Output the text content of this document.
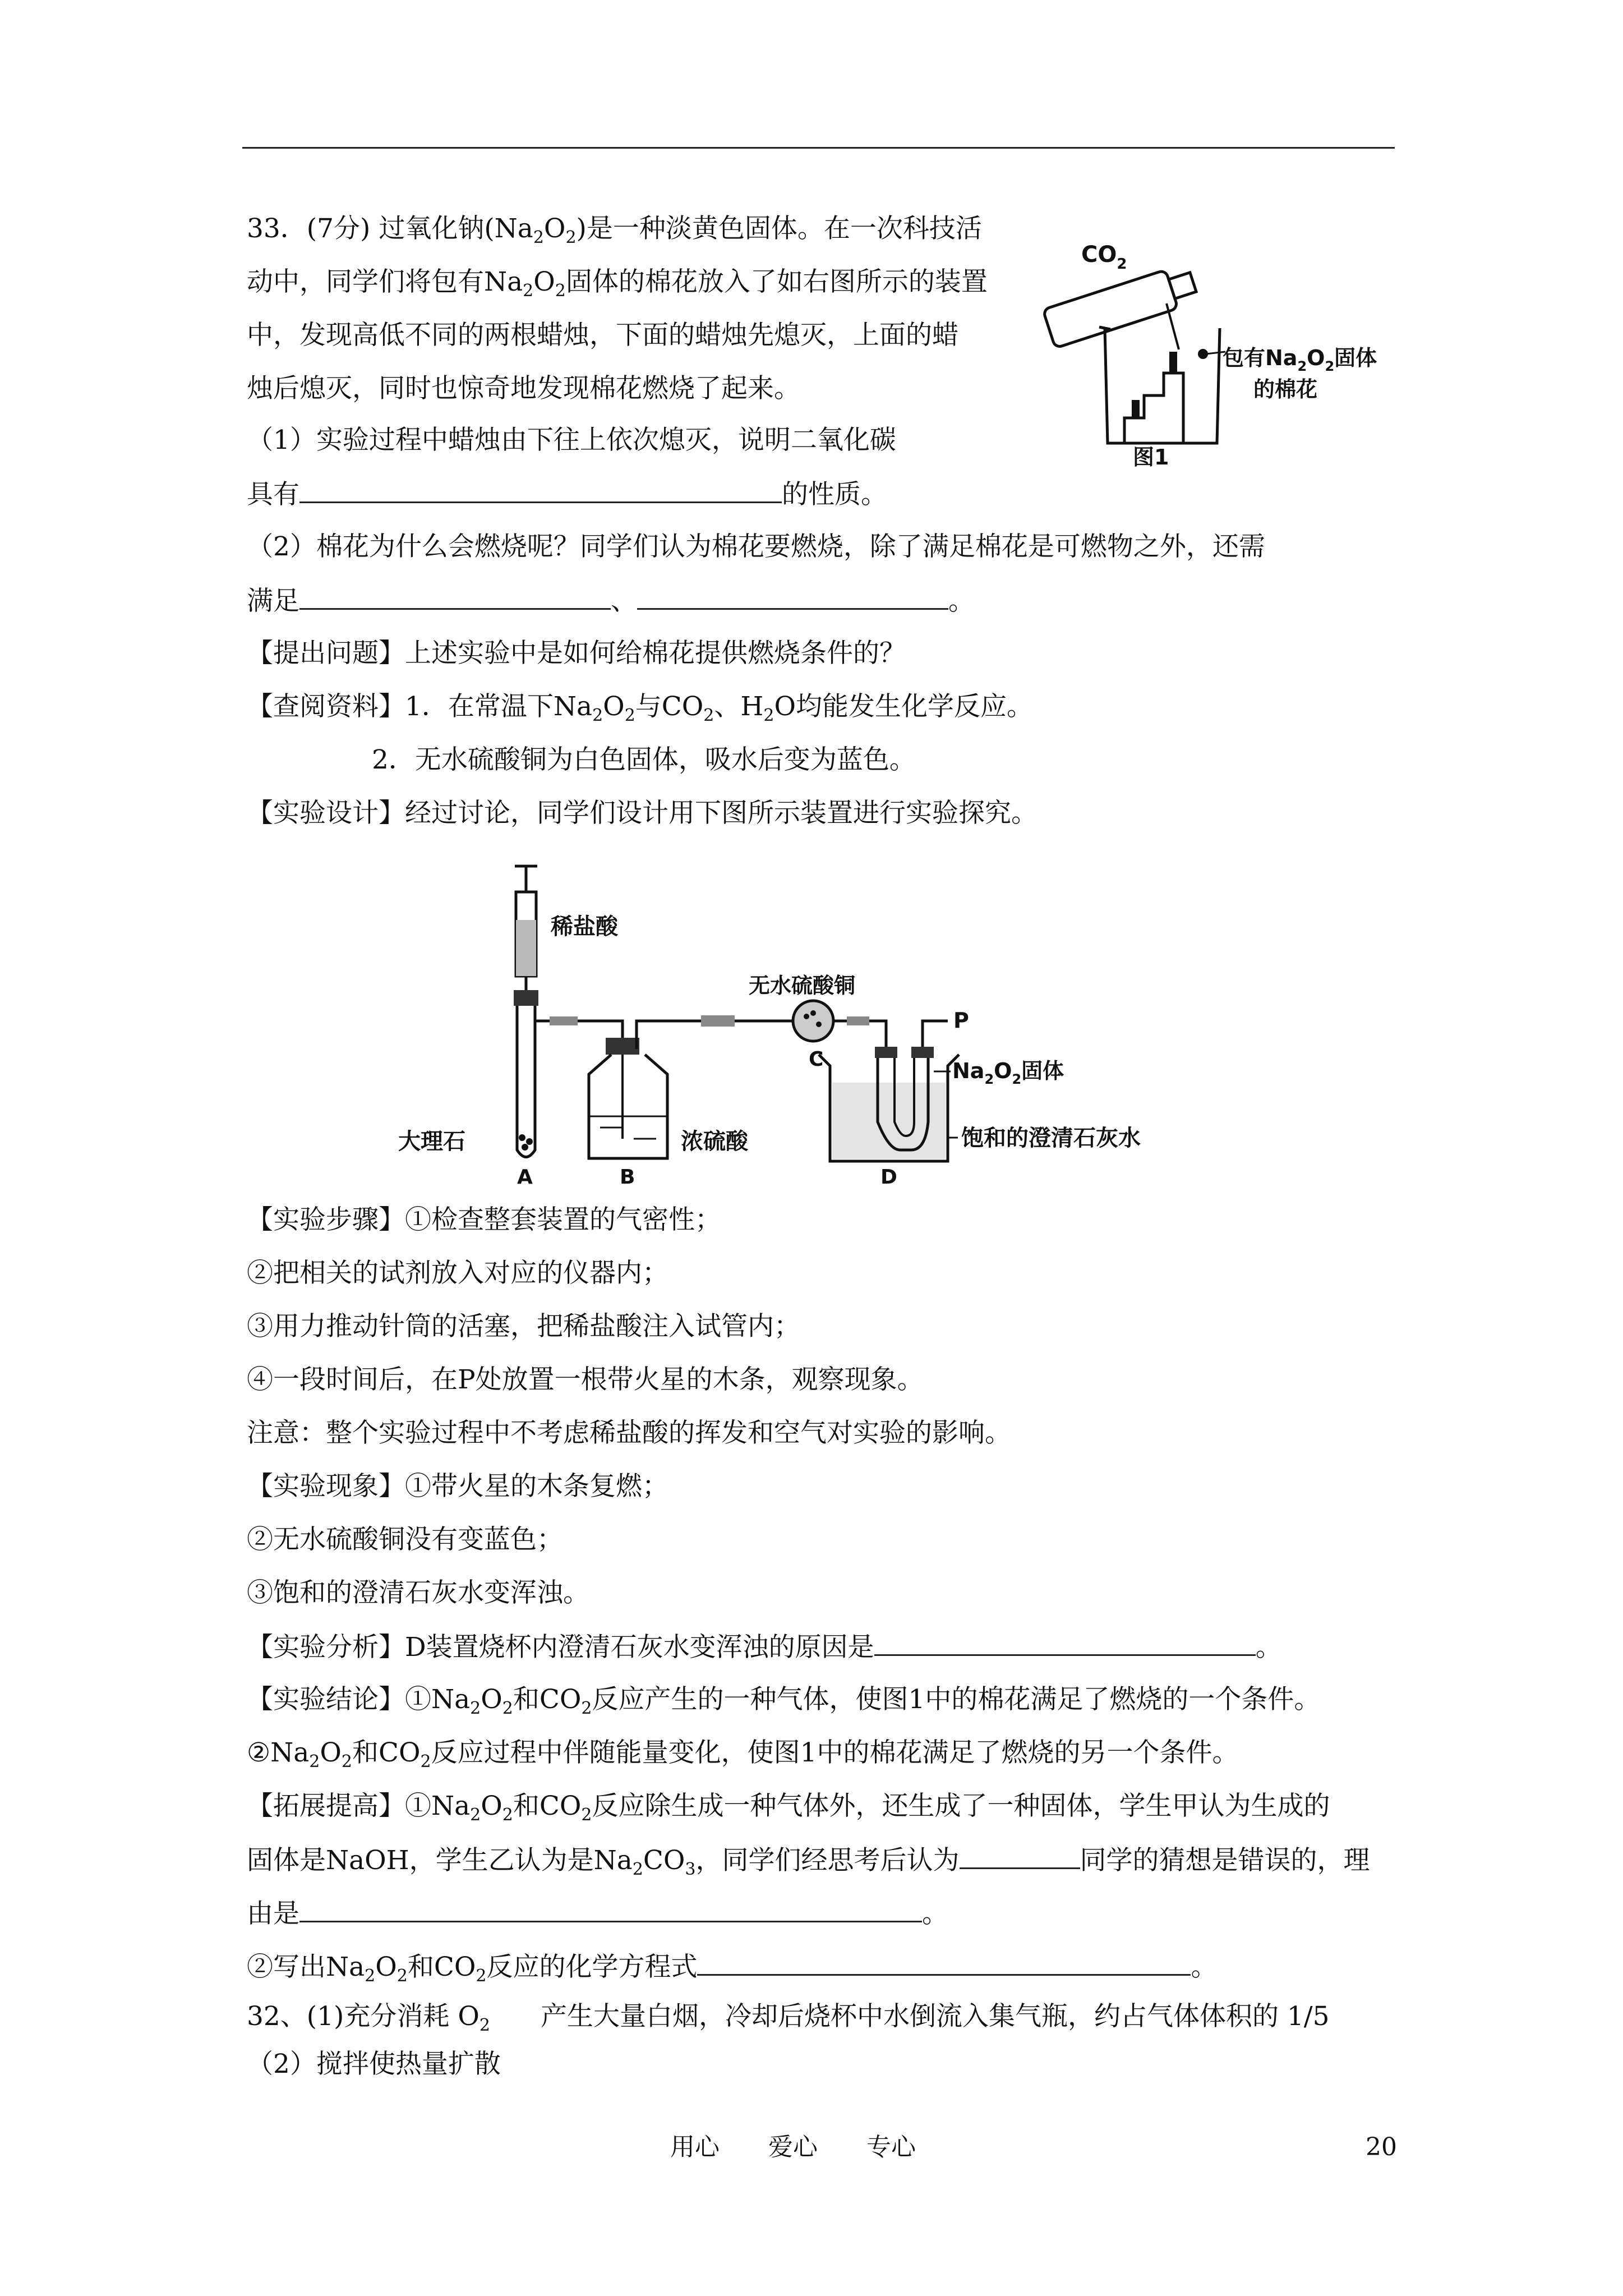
33．(7分) 过氧化钠$(Na_2O_2)$是一种淡黄色固体。在一次科技活
动中，同学们将包有$Na_2O_2$固体的棉花放入了如右图所示的装置
中，发现高低不同的两根蜡烛，下面的蜡烛先熄灭，上面的蜡
烛后熄灭，同时也惊奇地发现棉花燃烧了起来。
$CO_2$
包有$Na_2O_2$固体
的棉花
图1
（1）实验过程中蜡烛由下往上依次熄灭，说明二氧化碳
具有	的性质。
（2）棉花为什么会燃烧呢？同学们认为棉花要燃烧，除了满足棉花是可燃物之外，还需
满足	、	。
【提出问题】上述实验中是如何给棉花提供燃烧条件的？
【查阅资料】1．在常温下$Na_2O_2$与$CO_2$、$H_2O$均能发生化学反应。
2．无水硫酸铜为白色固体，吸水后变为蓝色。
【实验设计】经过讨论，同学们设计用下图所示装置进行实验探究。
稀盐酸
大理石
A
浓硫酸
B
无水硫酸铜
C
P
$Na_2O_2$固体
饱和的澄清石灰水
D
【实验步骤】①检查整套装置的气密性；
②把相关的试剂放入对应的仪器内；
③用力推动针筒的活塞，把稀盐酸注入试管内；
④一段时间后，在P处放置一根带火星的木条，观察现象。
注意：整个实验过程中不考虑稀盐酸的挥发和空气对实验的影响。
【实验现象】①带火星的木条复燃；
②无水硫酸铜没有变蓝色；
③饱和的澄清石灰水变浑浊。
【实验分析】D装置烧杯内澄清石灰水变浑浊的原因是	。
【实验结论】$①Na_2O_2$和$CO_2$反应产生的一种气体，使图1中的棉花满足了燃烧的一个条件。
$②Na_2O_2$和$CO_2$反应过程中伴随能量变化，使图1中的棉花满足了燃烧的另一个条件。
【拓展提高】$①Na_2O_2$和$CO_2$反应除生成一种气体外，还生成了一种固体，学生甲认为生成的
固体是NaOH，学生乙认为是$Na_2CO_3$，同学们经思考后认为	同学的猜想是错误的，理
由是	。
②写出$Na_2O_2$和$CO_2$反应的化学方程式	。
32、(1)充分消耗 $O_2$ 产生大量白烟，冷却后烧杯中水倒流入集气瓶，约占气体体积的 1/5
（2）搅拌使热量扩散
用心 爱心 专心	20
